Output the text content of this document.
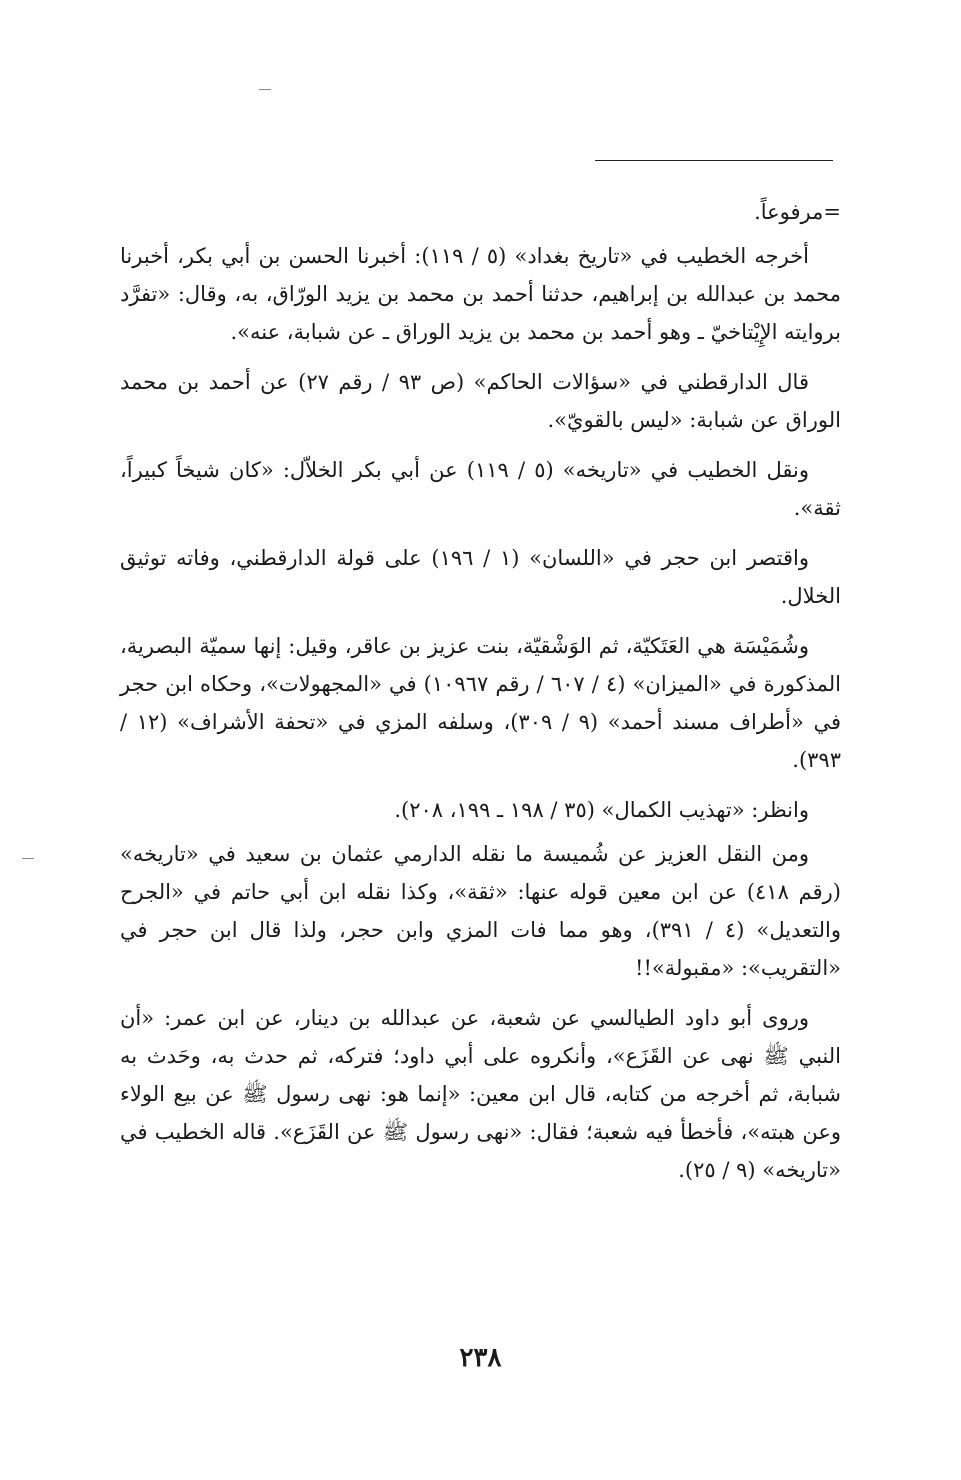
=مرفوعاً.

أخرجه الخطيب في «تاريخ بغداد» (٥ / ١١٩): أخبرنا الحسن بن أبي بكر، أخبرنا محمد بن عبدالله بن إبراهيم، حدثنا أحمد بن محمد بن يزيد الورّاق، به، وقال: «تفرَّد بروايته الإِيْتاخيّ ـ وهو أحمد بن محمد بن يزيد الوراق ـ عن شبابة، عنه».

قال الدارقطني في «سؤالات الحاكم» (ص ٩٣ / رقم ٢٧) عن أحمد بن محمد الوراق عن شبابة: «ليس بالقويّ».

ونقل الخطيب في «تاريخه» (٥ / ١١٩) عن أبي بكر الخلاّل: «كان شيخاً كبيراً، ثقة».

واقتصر ابن حجر في «اللسان» (١ / ١٩٦) على قولة الدارقطني، وفاته توثيق الخلال.

وشُمَيْسَة هي العَتَكيّة، ثم الوَشْقيّة، بنت عزيز بن عاقر، وقيل: إنها سميّة البصرية، المذكورة في «الميزان» (٤ / ٦٠٧ / رقم ١٠٩٦٧) في «المجهولات»، وحكاه ابن حجر في «أطراف مسند أحمد» (٩ / ٣٠٩)، وسلفه المزي في «تحفة الأشراف» (١٢ / ٣٩٣).

وانظر: «تهذيب الكمال» (٣٥ / ١٩٨ ـ ١٩٩، ٢٠٨).

ومن النقل العزيز عن شُميسة ما نقله الدارمي عثمان بن سعيد في «تاريخه» (رقم ٤١٨) عن ابن معين قوله عنها: «ثقة»، وكذا نقله ابن أبي حاتم في «الجرح والتعديل» (٤ / ٣٩١)، وهو مما فات المزي وابن حجر، ولذا قال ابن حجر في «التقريب»: «مقبولة»!!

وروى أبو داود الطيالسي عن شعبة، عن عبدالله بن دينار، عن ابن عمر: «أن النبي ﷺ نهى عن القَزَع»، وأنكروه على أبي داود؛ فتركه، ثم حدث به، وحَدث به شبابة، ثم أخرجه من كتابه، قال ابن معين: «إنما هو: نهى رسول ﷺ عن بيع الولاء وعن هبته»، فأخطأ فيه شعبة؛ فقال: «نهى رسول ﷺ عن القَزَع». قاله الخطيب في «تاريخه» (٩ / ٢٥).

٢٣٨
